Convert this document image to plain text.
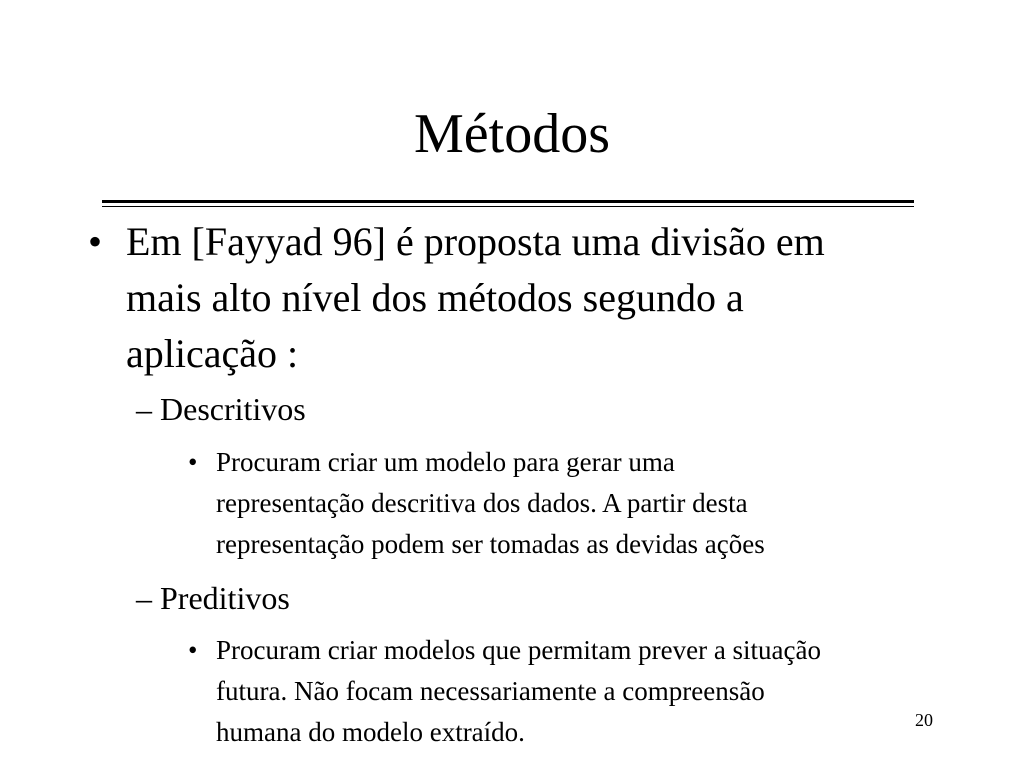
Métodos
• Em [Fayyad 96] é proposta uma divisão em
mais alto nível dos métodos segundo a
aplicação :
– Descritivos
• Procuram criar um modelo para gerar uma
representação descritiva dos dados. A partir desta
representação podem ser tomadas as devidas ações
– Preditivos
• Procuram criar modelos que permitam prever a situação
futura. Não focam necessariamente a compreensão
humana do modelo extraído.	20
